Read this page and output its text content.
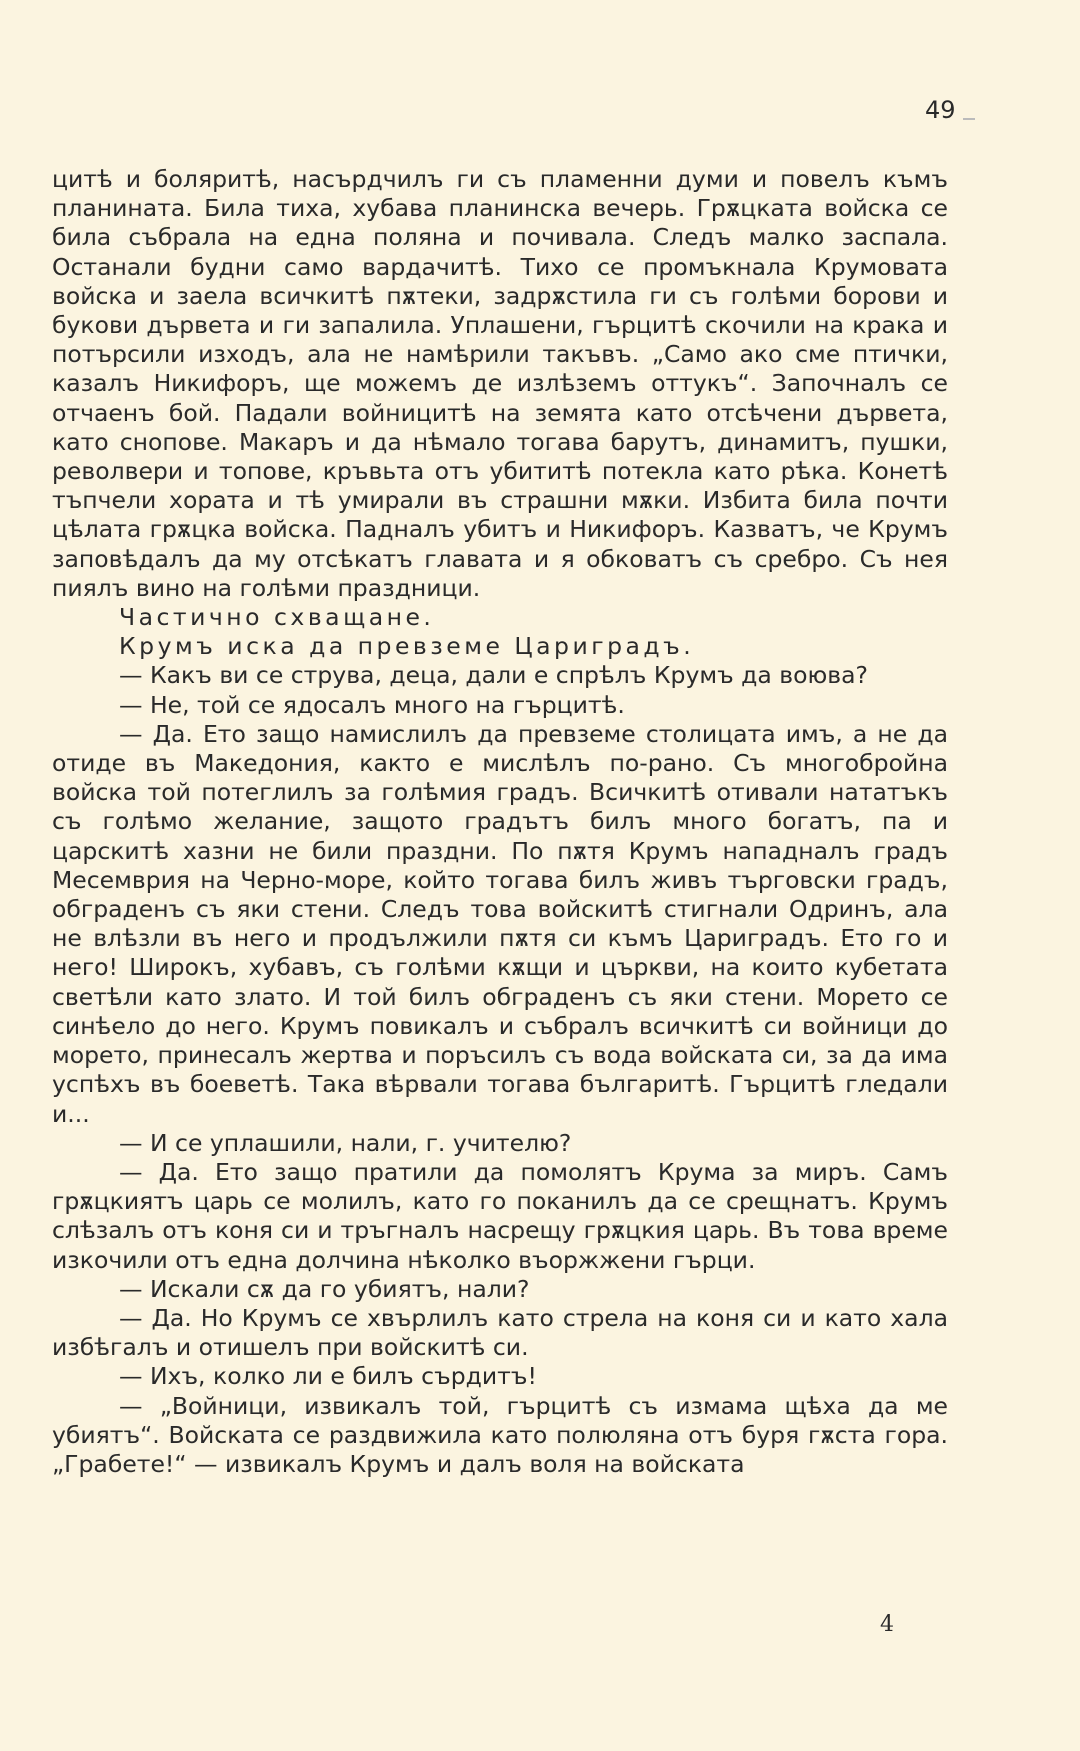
49

цитѣ и боляритѣ, насърдчилъ ги съ пламенни думи и повелъ къмъ планината. Била тиха, хубава планинска вечерь. Грѫцката войска се била събрала на една поляна и почивала. Следъ малко заспала. Останали будни само вардачитѣ. Тихо се промъкнала Крумовата войска и заела всичкитѣ пѫтеки, задрѫстила ги съ голѣми борови и букови дървета и ги запалила. Уплашени, гърцитѣ скочили на крака и потърсили изходъ, ала не намѣрили такъвъ. „Само ако сме птички, казалъ Никифоръ, ще можемъ де излѣземъ оттукъ“. Започналъ се отчаенъ бой. Падали войницитѣ на земята като отсѣчени дървета, като снопове. Макаръ и да нѣмало тогава барутъ, динамитъ, пушки, револвери и топове, кръвьта отъ убититѣ потекла като рѣка. Конетѣ тъпчели хората и тѣ умирали въ страшни мѫки. Избита била почти цѣлата грѫцка войска. Падналъ убитъ и Никифоръ. Казватъ, че Крумъ заповѣдалъ да му отсѣкатъ главата и я обковатъ съ сребро. Съ нея пиялъ вино на голѣми праздници.

Частично схващане.

Крумъ иска да превземе Цариградъ.

— Какъ ви се струва, деца, дали е спрѣлъ Крумъ да воюва?

— Не, той се ядосалъ много на гърцитѣ.

— Да. Ето защо намислилъ да превземе столицата имъ, а не да отиде въ Македония, както е мислѣлъ по-рано. Съ многобройна войска той потеглилъ за голѣмия градъ. Всичкитѣ отивали нататъкъ съ голѣмо желание, защото градътъ билъ много богатъ, па и царскитѣ хазни не били праздни. По пѫтя Крумъ нападналъ градъ Месемврия на Черно-море, който тогава билъ живъ търговски градъ, обграденъ съ яки стени. Следъ това войскитѣ стигнали Одринъ, ала не влѣзли въ него и продължили пѫтя си къмъ Цариградъ. Ето го и него! Широкъ, хубавъ, съ голѣми кѫщи и църкви, на които кубетата светѣли като злато. И той билъ обграденъ съ яки стени. Морето се синѣело до него. Крумъ повикалъ и събралъ всичкитѣ си войници до морето, принесалъ жертва и поръсилъ съ вода войската си, за да има успѣхъ въ боеветѣ. Така вѣрвали тогава българитѣ. Гърцитѣ гледали и...

— И се уплашили, нали, г. учителю?

— Да. Ето защо пратили да помолятъ Крума за миръ. Самъ грѫцкиятъ царь се молилъ, като го поканилъ да се срещнатъ. Крумъ слѣзалъ отъ коня си и тръгналъ насрещу грѫцкия царь. Въ това време изкочили отъ една долчина нѣколко въоржжени гърци.

— Искали сѫ да го убиятъ, нали?

— Да. Но Крумъ се хвърлилъ като стрела на коня си и като хала избѣгалъ и отишелъ при войскитѣ си.

— Ихъ, колко ли е билъ сърдитъ!

— „Войници, извикалъ той, гърцитѣ съ измама щѣха да ме убиятъ“. Войската се раздвижила като полюляна отъ буря гѫста гора. „Грабете!“ — извикалъ Крумъ и далъ воля на войската

4
